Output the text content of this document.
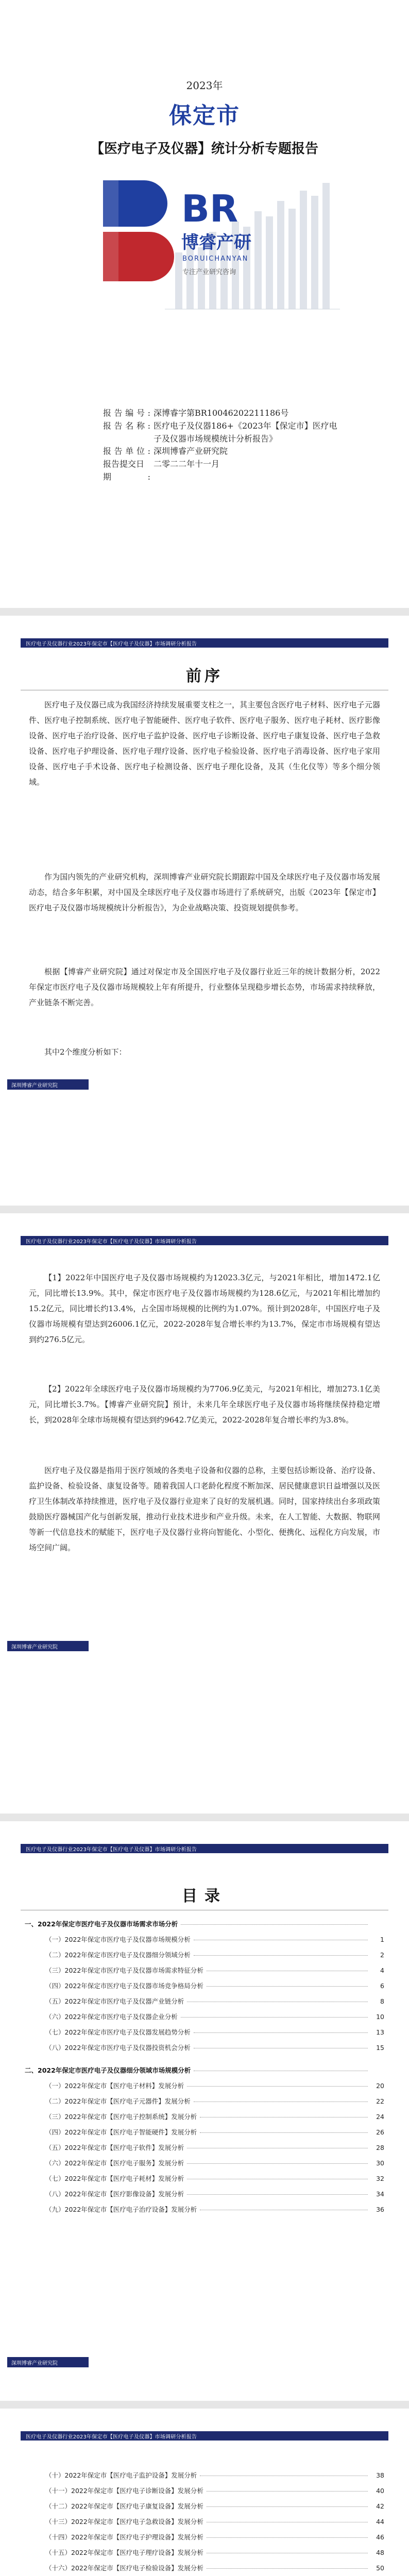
2023年
保定市
【医疗电子及仪器】统计分析专题报告
BR
博睿产研
BORUICHANYAN
专注产业研究咨询
报告编号: 深博睿字第BR10046202211186号
报告名称: 医疗电子及仪器186+《2023年【保定市】医疗电子及仪器市场规模统计分析报告》
报告单位: 深圳博睿产业研究院
报告提交日期:二零二二年十一月
医疗电子及仪器行业2023年保定市【医疗电子及仪器】市场调研分析报告
前序
医疗电子及仪器已成为我国经济持续发展重要支柱之一，其主要包含医疗电子材料、医疗电子元器件、医疗电子控制系统、医疗电子智能硬件、医疗电子软件、医疗电子服务、医疗电子耗材、医疗影像设备、医疗电子治疗设备、医疗电子监护设备、医疗电子诊断设备、医疗电子康复设备、医疗电子急救设备、医疗电子护理设备、医疗电子理疗设备、医疗电子检验设备、医疗电子消毒设备、医疗电子家用设备、医疗电子手术设备、医疗电子检测设备、医疗电子理化设备，及其（生化仪等）等多个细分领域。
作为国内领先的产业研究机构，深圳博睿产业研究院长期跟踪中国及全球医疗电子及仪器市场发展动态，结合多年积累，对中国及全球医疗电子及仪器市场进行了系统研究，出版《2023年【保定市】医疗电子及仪器市场规模统计分析报告》，为企业战略决策、投资规划提供参考。
根据【博睿产业研究院】通过对保定市及全国医疗电子及仪器行业近三年的统计数据分析，2022年保定市医疗电子及仪器市场规模较上年有所提升，行业整体呈现稳步增长态势，市场需求持续释放，产业链条不断完善。
其中2个维度分析如下：
深圳博睿产业研究院
医疗电子及仪器行业2023年保定市【医疗电子及仪器】市场调研分析报告
【1】2022年中国医疗电子及仪器市场规模约为12023.3亿元，与2021年相比，增加1472.1亿元，同比增长13.9%。其中，保定市医疗电子及仪器市场规模约为128.6亿元，与2021年相比增加约15.2亿元，同比增长约13.4%，占全国市场规模的比例约为1.07%。预计到2028年，中国医疗电子及仪器市场规模有望达到26006.1亿元，2022-2028年复合增长率约为13.7%，保定市市场规模有望达到约276.5亿元。
【2】2022年全球医疗电子及仪器市场规模约为7706.9亿美元，与2021年相比，增加273.1亿美元，同比增长3.7%。【博睿产业研究院】预计，未来几年全球医疗电子及仪器市场将继续保持稳定增长，到2028年全球市场规模有望达到约9642.7亿美元，2022-2028年复合增长率约为3.8%。
医疗电子及仪器是指用于医疗领域的各类电子设备和仪器的总称，主要包括诊断设备、治疗设备、监护设备、检验设备、康复设备等。随着我国人口老龄化程度不断加深、居民健康意识日益增强以及医疗卫生体制改革持续推进，医疗电子及仪器行业迎来了良好的发展机遇。同时，国家持续出台多项政策鼓励医疗器械国产化与创新发展，推动行业技术进步和产业升级。未来，在人工智能、大数据、物联网等新一代信息技术的赋能下，医疗电子及仪器行业将向智能化、小型化、便携化、远程化方向发展，市场空间广阔。
深圳博睿产业研究院
医疗电子及仪器行业2023年保定市【医疗电子及仪器】市场调研分析报告
目录
一、2022年保定市医疗电子及仪器市场需求市场分析
（一）2022年保定市医疗电子及仪器市场规模分析	1
（二）2022年保定市医疗电子及仪器细分领域分析	2
（三）2022年保定市医疗电子及仪器市场需求特征分析	4
（四）2022年保定市医疗电子及仪器市场竞争格局分析	6
（五）2022年保定市医疗电子及仪器产业链分析	8
（六）2022年保定市医疗电子及仪器企业分析	10
（七）2022年保定市医疗电子及仪器发展趋势分析	13
（八）2022年保定市医疗电子及仪器投资机会分析	15
二、2022年保定市医疗电子及仪器细分领域市场规模分析
（一）2022年保定市【医疗电子材料】发展分析	20
（二）2022年保定市【医疗电子元器件】发展分析	22
（三）2022年保定市【医疗电子控制系统】发展分析	24
（四）2022年保定市【医疗电子智能硬件】发展分析	26
（五）2022年保定市【医疗电子软件】发展分析	28
（六）2022年保定市【医疗电子服务】发展分析	30
（七）2022年保定市【医疗电子耗材】发展分析	32
（八）2022年保定市【医疗影像设备】发展分析	34
（九）2022年保定市【医疗电子治疗设备】发展分析	36
深圳博睿产业研究院
医疗电子及仪器行业2023年保定市【医疗电子及仪器】市场调研分析报告
（十）2022年保定市【医疗电子监护设备】发展分析	38
（十一）2022年保定市【医疗电子诊断设备】发展分析	40
（十二）2022年保定市【医疗电子康复设备】发展分析	42
（十三）2022年保定市【医疗电子急救设备】发展分析	44
（十四）2022年保定市【医疗电子护理设备】发展分析	46
（十五）2022年保定市【医疗电子理疗设备】发展分析	48
（十六）2022年保定市【医疗电子检验设备】发展分析	50
